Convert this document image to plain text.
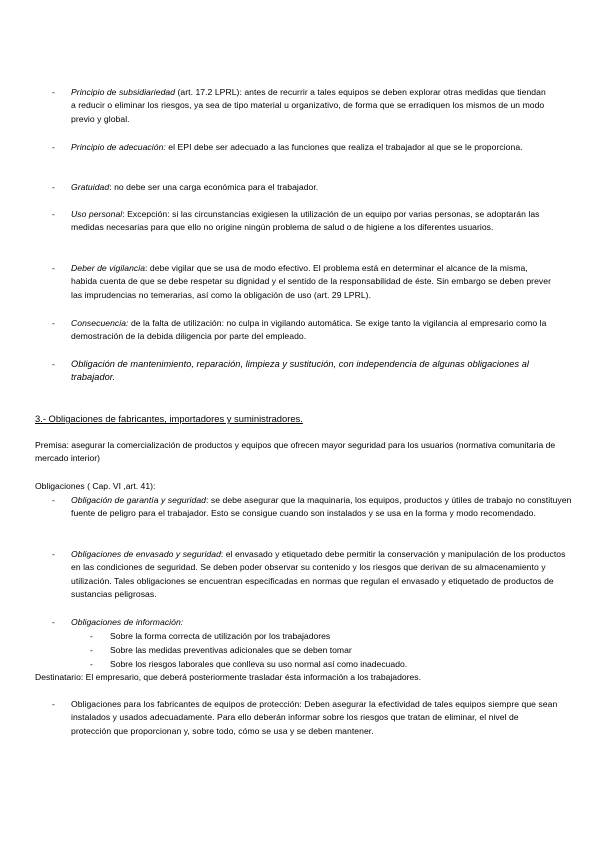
- Principio de subsidiariedad (art. 17.2 LPRL): antes de recurrir a tales equipos se deben explorar otras medidas que tiendan a reducir o eliminar los riesgos, ya sea de tipo material u organizativo, de forma que se erradiquen los mismos de un modo previo y global.
- Principio de adecuación: el EPI debe ser adecuado a las funciones que realiza el trabajador al que se le proporciona.
- Gratuidad: no debe ser una carga económica para el trabajador.
- Uso personal: Excepción: si las circunstancias exigiesen la utilización de un equipo por varias personas, se adoptarán las medidas necesarias para que ello no origine ningún problema de salud o de higiene a los diferentes usuarios.
- Deber de vigilancia: debe vigilar que se usa de modo efectivo. El problema está en determinar el alcance de la misma, habida cuenta de que se debe respetar su dignidad y el sentido de la responsabilidad de éste. Sin embargo se deben prever las imprudencias no temerarias, así como la obligación de uso (art. 29 LPRL).
- Consecuencia: de la falta de utilización: no culpa in vigilando automática. Se exige tanto la vigilancia al empresario como la demostración de la debida diligencia por parte del empleado.
- Obligación de mantenimiento, reparación, limpieza y sustitución, con independencia de algunas obligaciones al trabajador.
3.- Obligaciones de fabricantes, importadores y suministradores.
Premisa: asegurar la comercialización de productos y equipos que ofrecen mayor seguridad para los usuarios (normativa comunitaria de mercado interior)
Obligaciones ( Cap. VI ,art. 41):
- Obligación de garantía y seguridad: se debe asegurar que la maquinaria, los equipos, productos y útiles de trabajo no constituyen fuente de peligro para el trabajador. Esto se consigue cuando son instalados y se usa en la forma y modo recomendado.
- Obligaciones de envasado y seguridad: el envasado y etiquetado debe permitir la conservación y manipulación de los productos en las condiciones de seguridad. Se deben poder observar su contenido y los riesgos que derivan de su almacenamiento y utilización. Tales obligaciones se encuentran especificadas en normas que regulan el envasado y etiquetado de productos de sustancias peligrosas.
- Obligaciones de información:
- Sobre la forma correcta de utilización por los trabajadores
- Sobre las medidas preventivas adicionales que se deben tomar
- Sobre los riesgos laborales que conlleva su uso normal así como inadecuado.
Destinatario: El empresario, que deberá posteriormente trasladar ésta información a los trabajadores.
- Obligaciones para los fabricantes de equipos de protección: Deben asegurar la efectividad de tales equipos siempre que sean instalados y usados adecuadamente. Para ello deberán informar sobre los riesgos que tratan de eliminar, el nivel de protección que proporcionan y, sobre todo, cómo se usa y se deben mantener.
